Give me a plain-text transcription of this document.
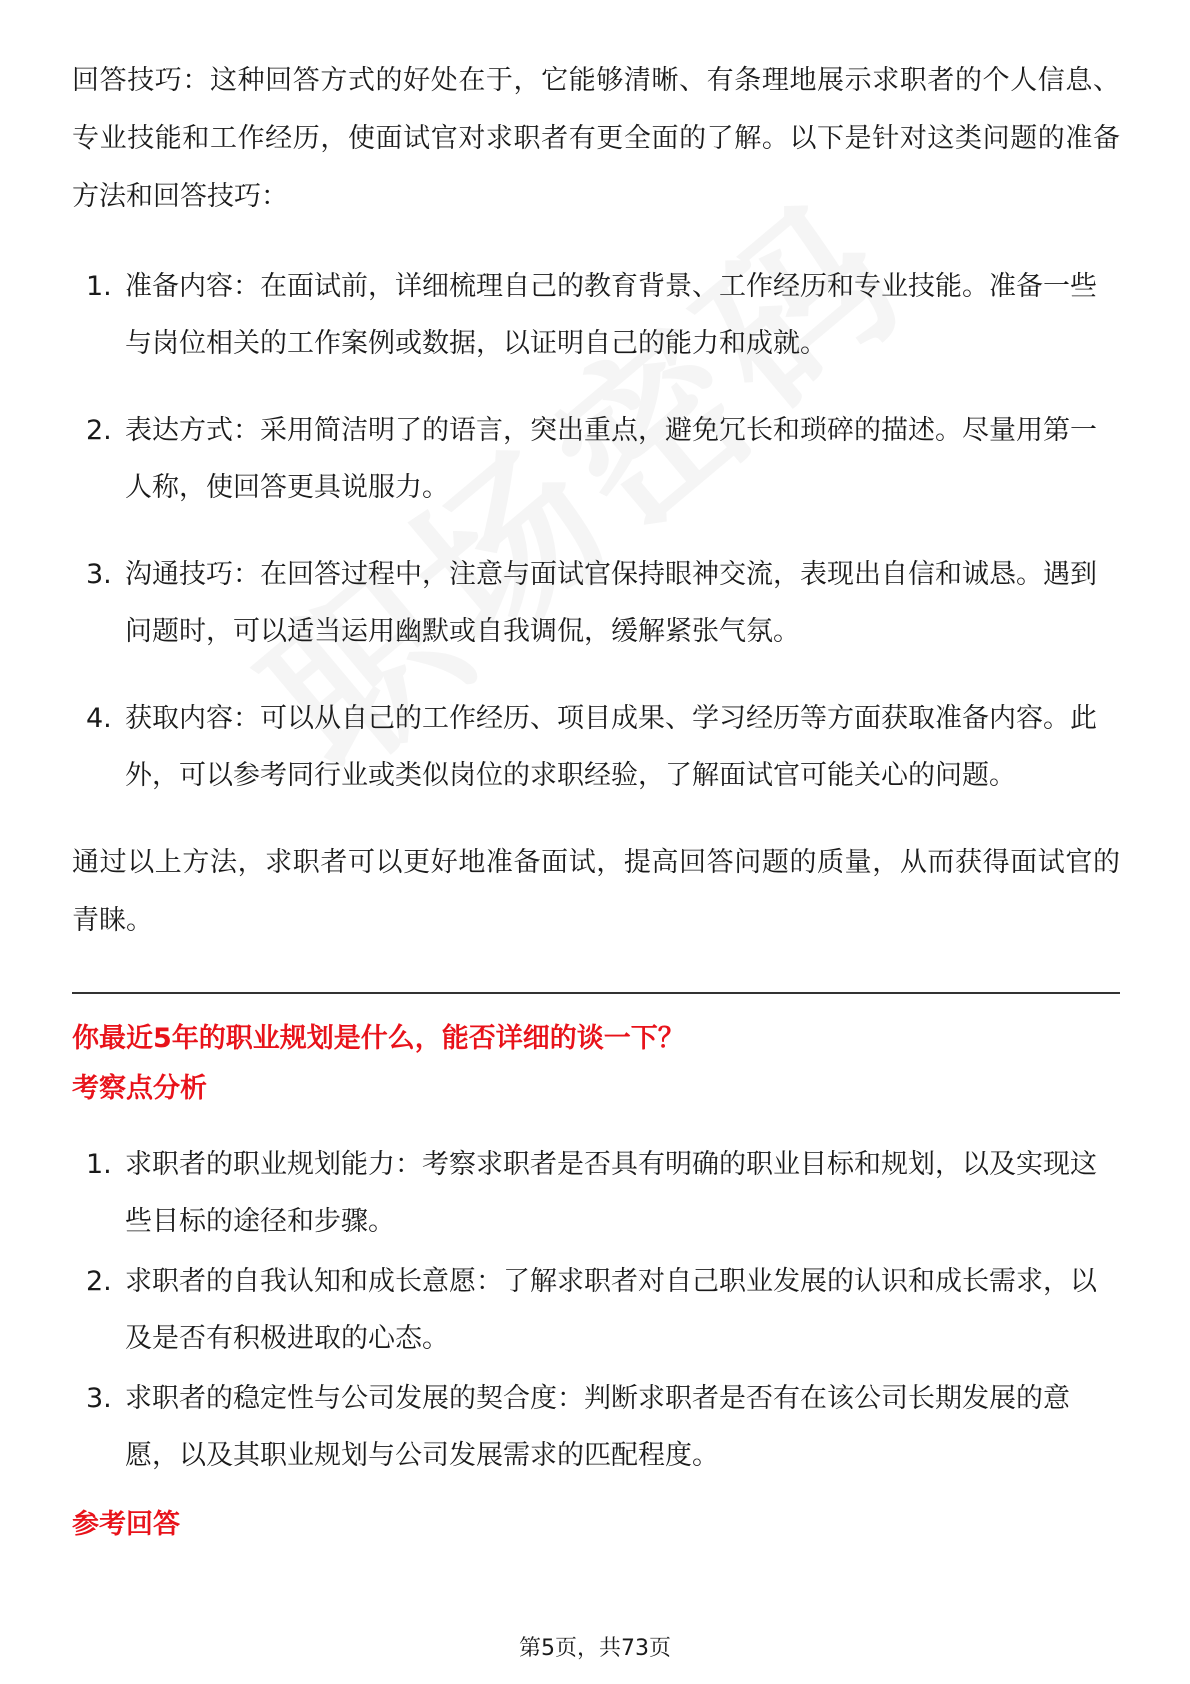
回答技巧：这种回答方式的好处在于，它能够清晰、有条理地展示求职者的个人信息、专业技能和工作经历，使面试官对求职者有更全面的了解。以下是针对这类问题的准备方法和回答技巧：

1. 准备内容：在面试前，详细梳理自己的教育背景、工作经历和专业技能。准备一些与岗位相关的工作案例或数据，以证明自己的能力和成就。
2. 表达方式：采用简洁明了的语言，突出重点，避免冗长和琐碎的描述。尽量用第一人称，使回答更具说服力。
3. 沟通技巧：在回答过程中，注意与面试官保持眼神交流，表现出自信和诚恳。遇到问题时，可以适当运用幽默或自我调侃，缓解紧张气氛。
4. 获取内容：可以从自己的工作经历、项目成果、学习经历等方面获取准备内容。此外，可以参考同行业或类似岗位的求职经验，了解面试官可能关心的问题。

通过以上方法，求职者可以更好地准备面试，提高回答问题的质量，从而获得面试官的青睐。

你最近5年的职业规划是什么，能否详细的谈一下？
考察点分析
1. 求职者的职业规划能力：考察求职者是否具有明确的职业目标和规划，以及实现这些目标的途径和步骤。
2. 求职者的自我认知和成长意愿：了解求职者对自己职业发展的认识和成长需求，以及是否有积极进取的心态。
3. 求职者的稳定性与公司发展的契合度：判断求职者是否有在该公司长期发展的意愿，以及其职业规划与公司发展需求的匹配程度。
参考回答
第5页，共73页
